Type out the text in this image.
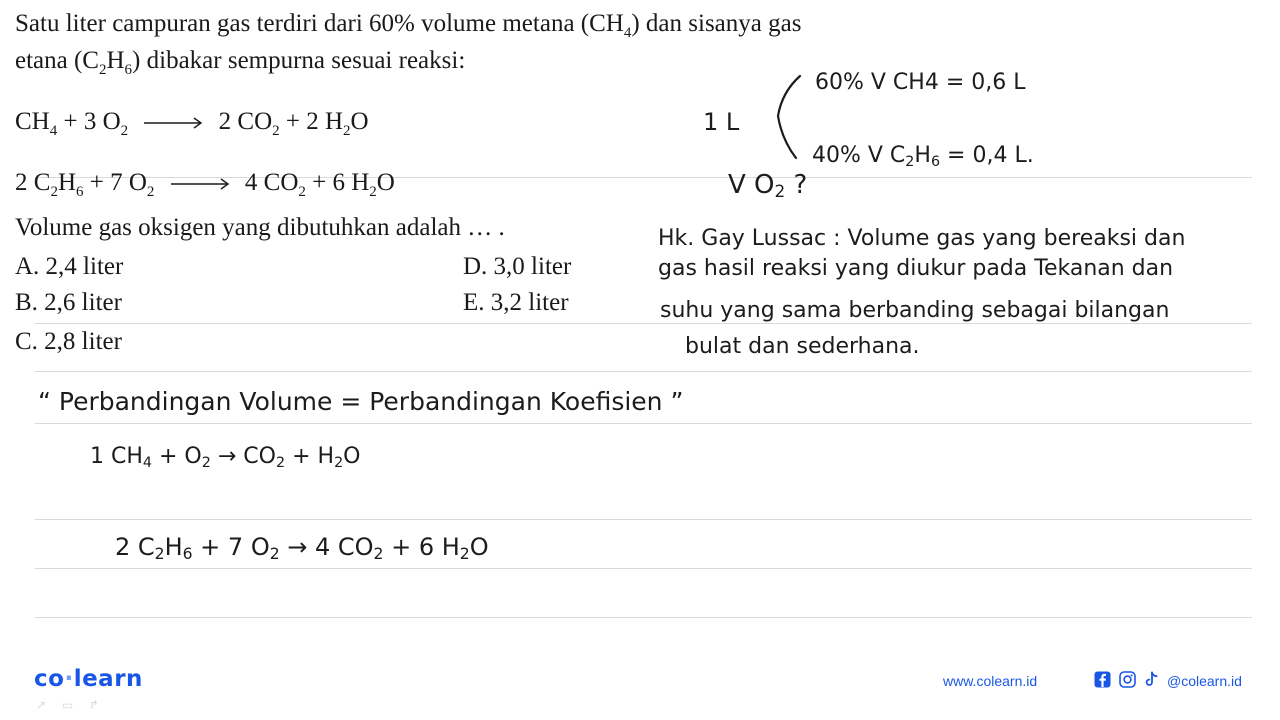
Satu liter campuran gas terdiri dari 60% volume metana $(CH_4)$ dan sisanya gas
etana $(C_2H_6)$ dibakar sempurna sesuai reaksi:
$CH_4 + 3$ $O_2 \to 2$ $CO_2 + 2$ $H_2O$
2 $C_2H_6 + 7$ $O_2 \to 4$ $CO_2 + 6$ $H_2O$
Volume gas oksigen yang dibutuhkan adalah … .
A. 2,4 liter
B. 2,6 liter
C. 2,8 liter
D. 3,0 liter
E. 3,2 liter
1 L
60% V CH4 = 0,6 L
40% V $C_2H_6 = 0,4$ L.
V $O_2$ ?
Hk. Gay Lussac : Volume gas yang bereaksi dan
gas hasil reaksi yang diukur pada Tekanan dan
suhu yang sama berbanding sebagai bilangan
bulat dan sederhana.
“ Perbandingan Volume = Perbandingan Koefisien ”
1 $CH_4 + O_2 \to CO_2 + H_2O$
2 $C_2H_6 + 7$ $O_2 \to 4$ $CO_2 + 6$ $H_2O$
co·learn
↗ ▭ ↱
www.colearn.id	@colearn.id
